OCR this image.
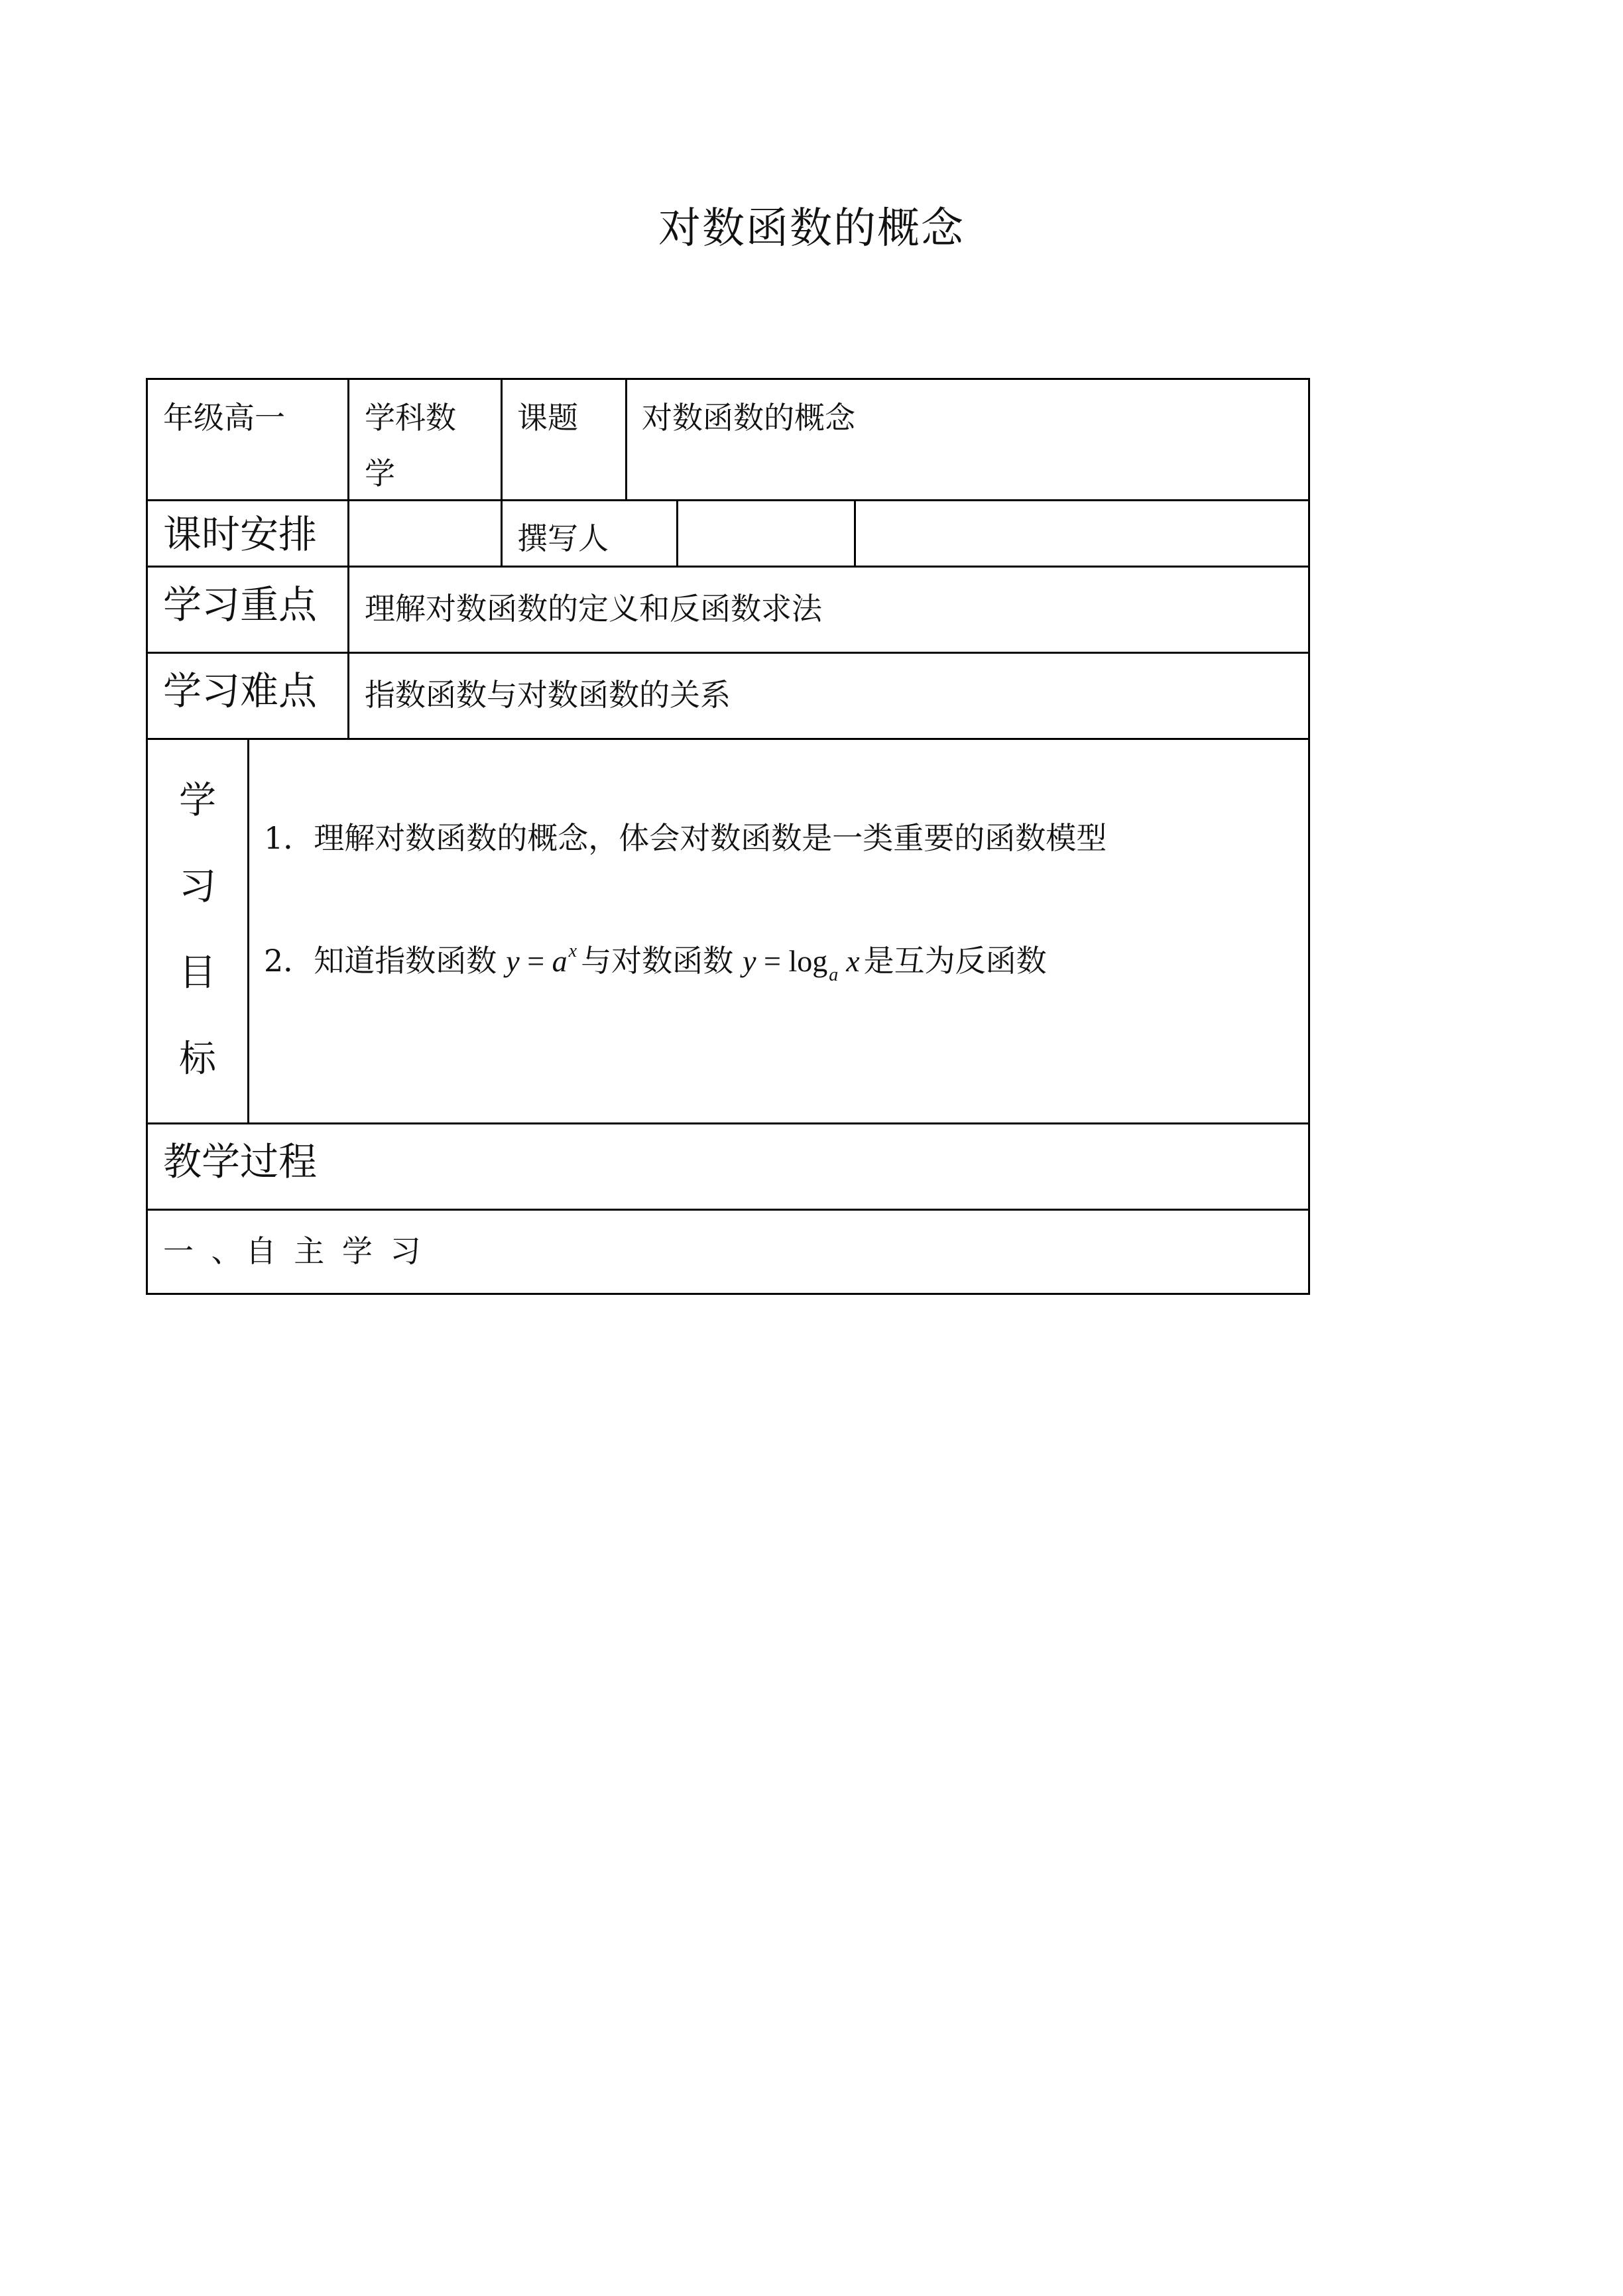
对数函数的概念
年级高一	学科数
学
课题 对数函数的概念
课时安排	撰写人
学习重点 理解对数函数的定义和反函数求法
学习难点 指数函数与对数函数的关系
学
习
目
标
1．理解对数函数的概念，体会对数函数是一类重要的函数模型
2．知道指数函数 $y = a^x$ 与对数函数 $y = \log_a x$ 是互为反函数
教学过程
一 、自 主 学 习
